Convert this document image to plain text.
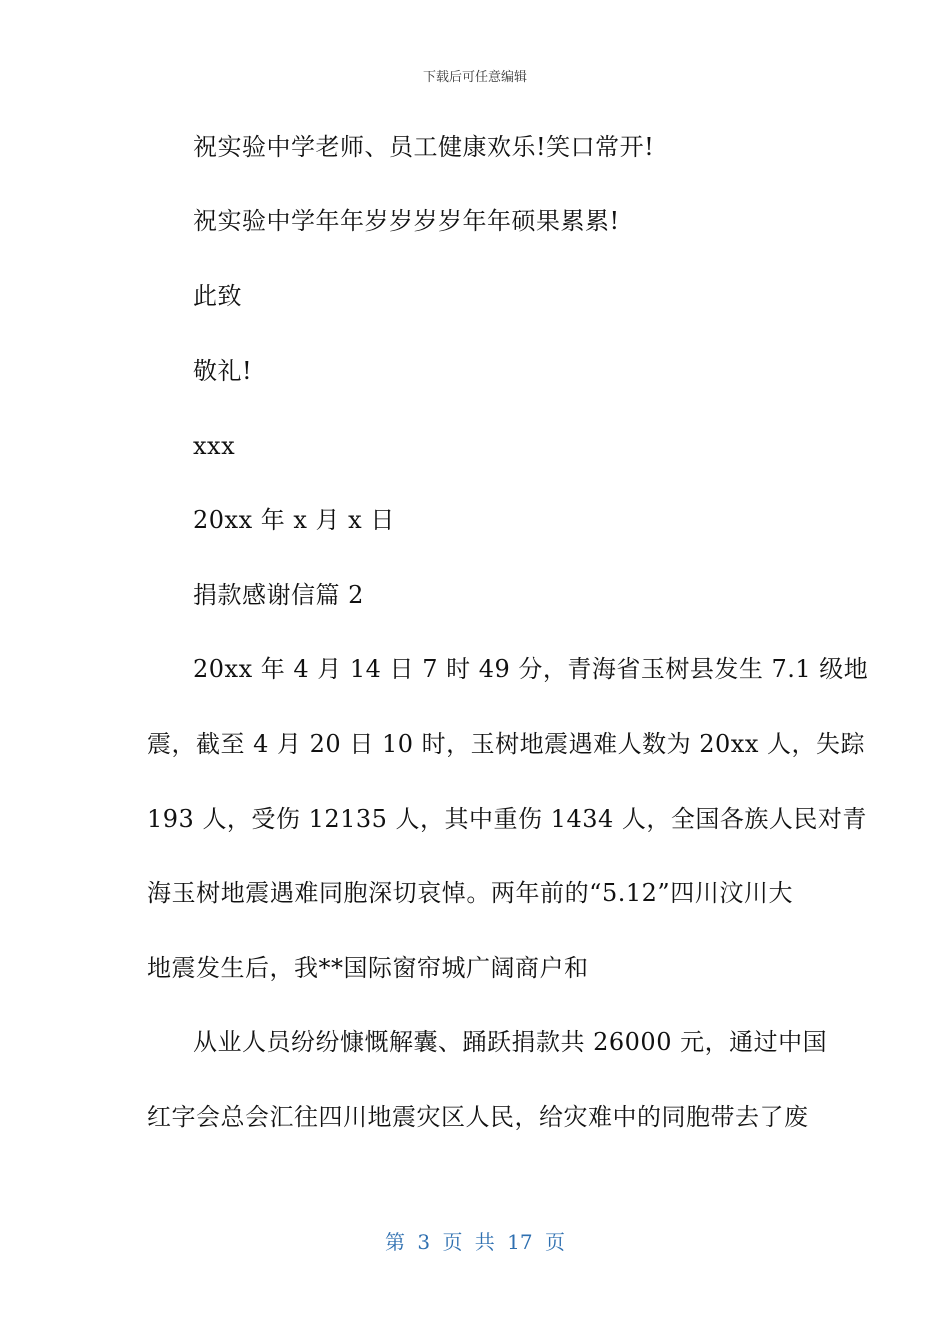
下载后可任意编辑
祝实验中学老师、员工健康欢乐!笑口常开!
祝实验中学年年岁岁岁岁年年硕果累累!
此致
敬礼!
xxx
20xx 年 x 月 x 日
捐款感谢信篇 2
20xx 年 4 月 14 日 7 时 49 分，青海省玉树县发生 7.1 级地
震，截至 4 月 20 日 10 时，玉树地震遇难人数为 20xx 人，失踪
193 人，受伤 12135 人，其中重伤 1434 人，全国各族人民对青
海玉树地震遇难同胞深切哀悼。两年前的“5.12”四川汶川大
地震发生后，我**国际窗帘城广阔商户和
从业人员纷纷慷慨解囊、踊跃捐款共 26000 元，通过中国
红字会总会汇往四川地震灾区人民，给灾难中的同胞带去了废
第 3 页 共 17 页
